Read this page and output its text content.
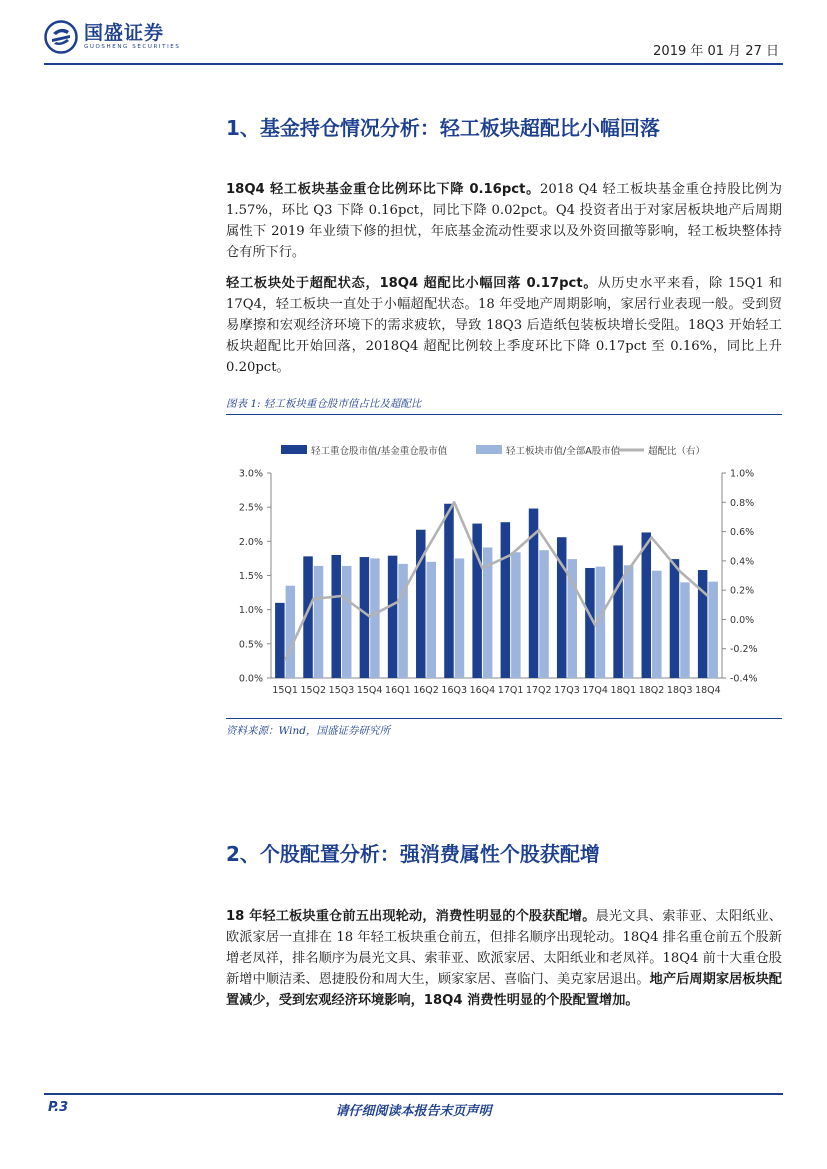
国盛证券
GUOSHENG SECURITIES	2019 年 01 月 27 日
1、基金持仓情况分析：轻工板块超配比小幅回落
18Q4 轻工板块基金重仓比例环比下降 0.16pct。2018 Q4 轻工板块基金重仓持股比例为 1.57%，环比 Q3 下降 0.16pct，同比下降 0.02pct。Q4 投资者出于对家居板块地产后周期属性下 2019 年业绩下修的担忧，年底基金流动性要求以及外资回撤等影响，轻工板块整体持仓有所下行。
轻工板块处于超配状态，18Q4 超配比小幅回落 0.17pct。从历史水平来看，除 15Q1 和 17Q4，轻工板块一直处于小幅超配状态。18 年受地产周期影响，家居行业表现一般。受到贸易摩擦和宏观经济环境下的需求疲软，导致 18Q3 后造纸包装板块增长受阻。18Q3 开始轻工板块超配比开始回落，2018Q4 超配比例较上季度环比下降 0.17pct 至 0.16%，同比上升 0.20pct。
图表 1: 轻工板块重仓股市值占比及超配比
轻工重仓股市值/基金重仓股市值	轻工板块市值/全部A股市值	超配比（右）
0.0%
0.5%
1.0%
1.5%
2.0%
2.5%
3.0%
-0.4%
-0.2%
0.0%
0.2%
0.4%
0.6%
0.8%
1.0%
15Q1 15Q2 15Q3 15Q4 16Q1 16Q2 16Q3 16Q4 17Q1 17Q2 17Q3 17Q4 18Q1 18Q2 18Q3 18Q4
资料来源：Wind，国盛证券研究所
2、个股配置分析：强消费属性个股获配增
18 年轻工板块重仓前五出现轮动，消费性明显的个股获配增。晨光文具、索菲亚、太阳纸业、欧派家居一直排在 18 年轻工板块重仓前五，但排名顺序出现轮动。18Q4 排名重仓前五个股新增老凤祥，排名顺序为晨光文具、索菲亚、欧派家居、太阳纸业和老凤祥。18Q4 前十大重仓股新增中顺洁柔、恩捷股份和周大生，顾家家居、喜临门、美克家居退出。地产后周期家居板块配置减少，受到宏观经济环境影响，18Q4 消费性明显的个股配置增加。
P.3	请仔细阅读本报告末页声明
